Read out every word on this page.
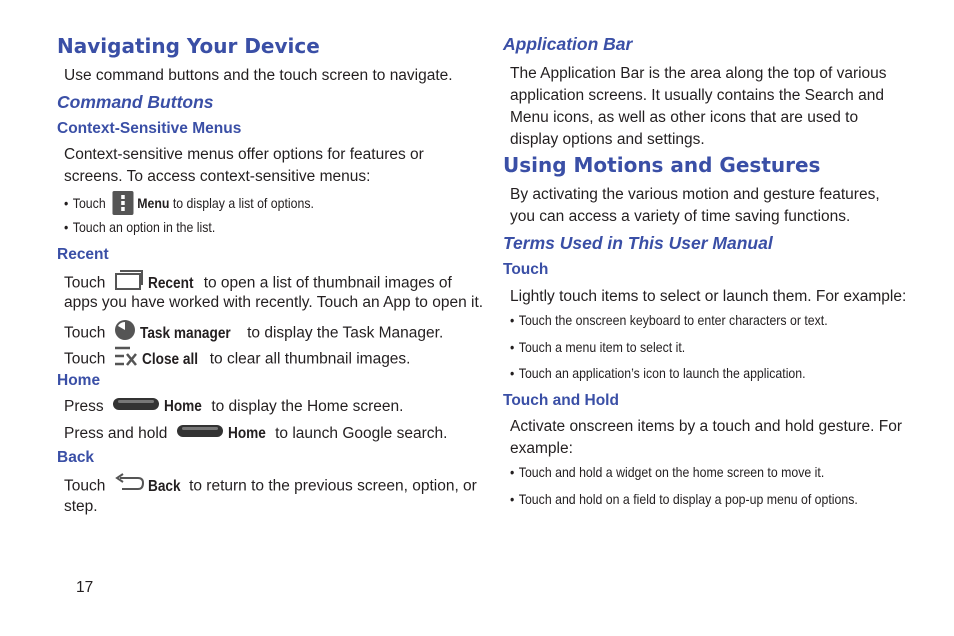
Navigating Your Device
Use command buttons and the touch screen to navigate.
Command Buttons
Context-Sensitive Menus
Context-sensitive menus offer options for features or screens. To access context-sensitive menus:
• Touch Menu to display a list of options.
• Touch an option in the list.
Recent
Touch	Recent to open a list of thumbnail images of
apps you have worked with recently. Touch an App to open it.
Touch Task manager to display the Task Manager.
Touch Close all to clear all thumbnail images.
Home
Press	Home to display the Home screen.
Press and hold	Home to launch Google search.
Back
Touch	Back to return to the previous screen, option, or
step.
Application Bar
The Application Bar is the area along the top of various application screens. It usually contains the Search and Menu icons, as well as other icons that are used to display options and settings.
Using Motions and Gestures
By activating the various motion and gesture features, you can access a variety of time saving functions.
Terms Used in This User Manual
Touch
Lightly touch items to select or launch them. For example:
• Touch the onscreen keyboard to enter characters or text.
• Touch a menu item to select it.
• Touch an application’s icon to launch the application.
Touch and Hold
Activate onscreen items by a touch and hold gesture. For example:
• Touch and hold a widget on the home screen to move it.
• Touch and hold on a field to display a pop-up menu of options.
17
